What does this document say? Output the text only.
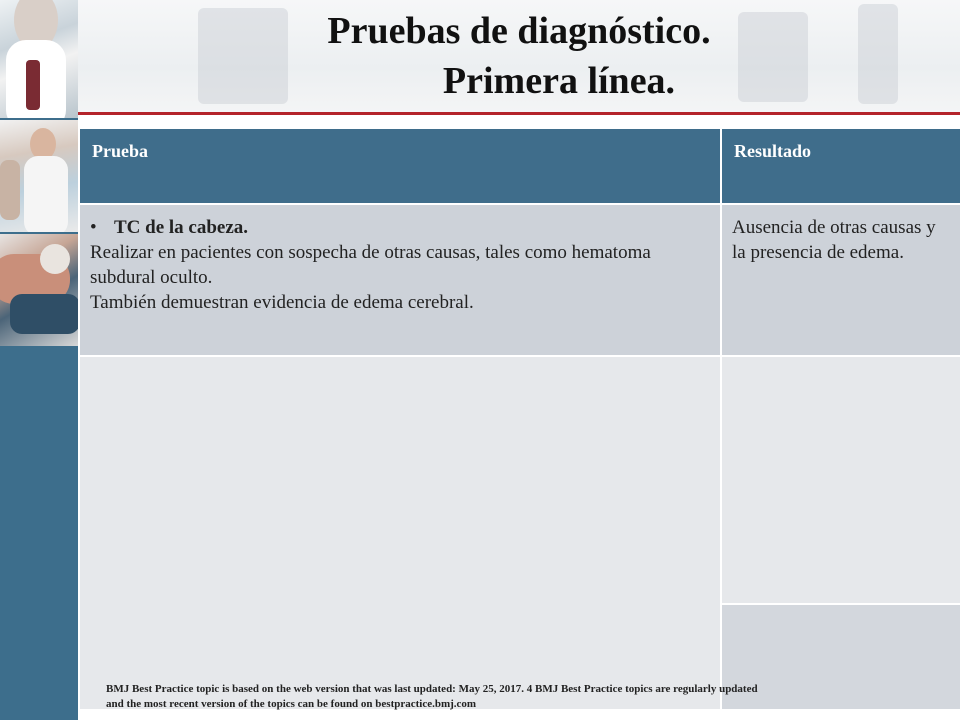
Pruebas de diagnóstico.
Primera línea.
Prueba	Resultado

• TC de la cabeza.
Realizar en pacientes con sospecha de otras causas, tales como hematoma subdural oculto.
También demuestran evidencia de edema cerebral.	Ausencia de otras causas y la presencia de edema.

BMJ Best Practice topic is based on the web version that was last updated: May 25, 2017. 4 BMJ Best Practice topics are regularly updated
and the most recent version of the topics can be found on bestpractice.bmj.com
